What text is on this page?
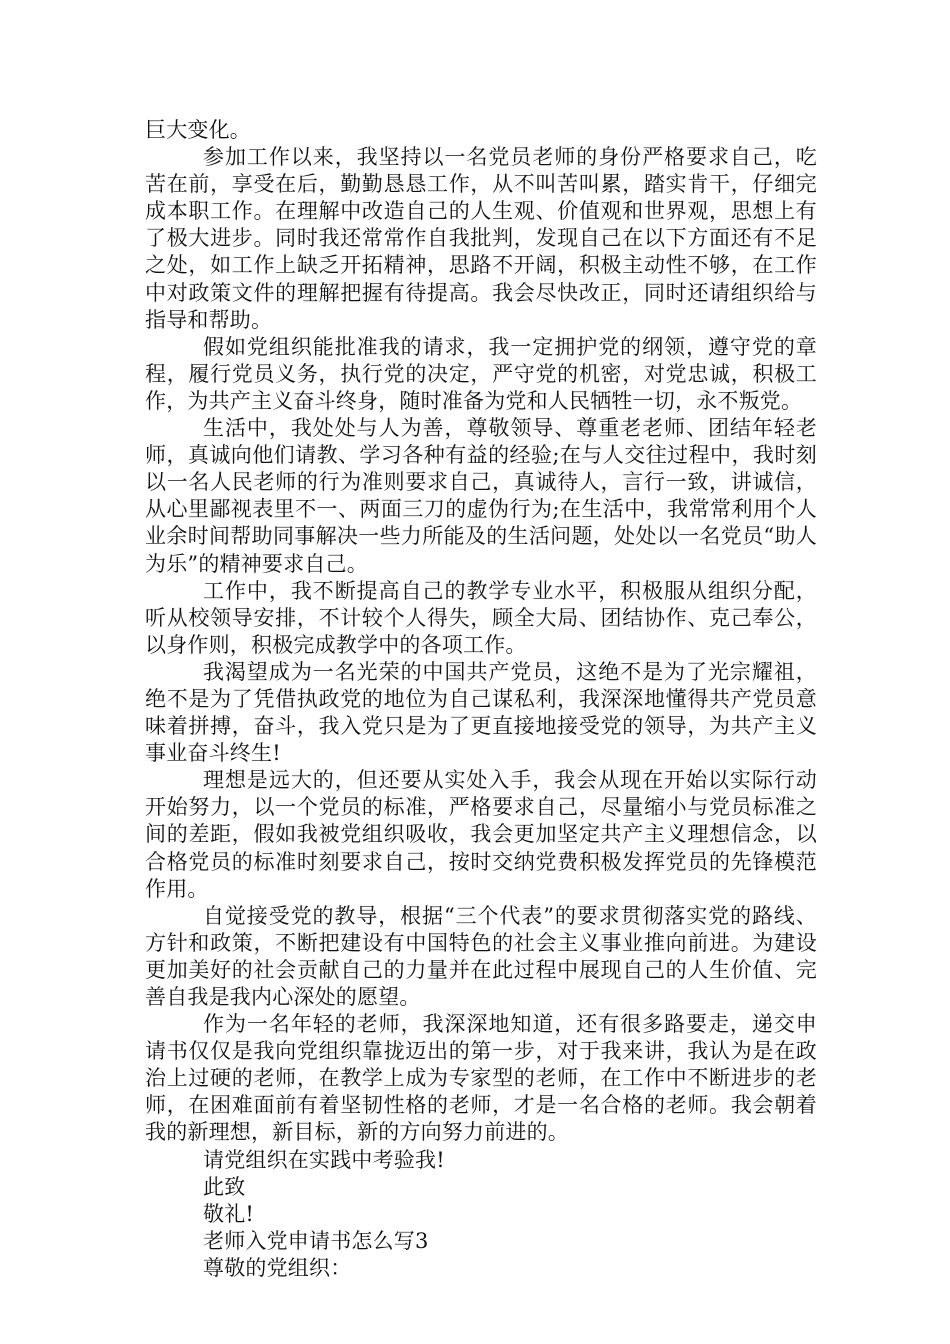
巨大变化。

参加工作以来，我坚持以一名党员老师的身份严格要求自己，吃苦在前，享受在后，勤勤恳恳工作，从不叫苦叫累，踏实肯干，仔细完成本职工作。在理解中改造自己的人生观、价值观和世界观，思想上有了极大进步。同时我还常常作自我批判，发现自己在以下方面还有不足之处，如工作上缺乏开拓精神，思路不开阔，积极主动性不够，在工作中对政策文件的理解把握有待提高。我会尽快改正，同时还请组织给与指导和帮助。

假如党组织能批准我的请求，我一定拥护党的纲领，遵守党的章程，履行党员义务，执行党的决定，严守党的机密，对党忠诚，积极工作，为共产主义奋斗终身，随时准备为党和人民牺牲一切，永不叛党。

生活中，我处处与人为善，尊敬领导、尊重老老师、团结年轻老师，真诚向他们请教、学习各种有益的经验;在与人交往过程中，我时刻以一名人民老师的行为准则要求自己，真诚待人，言行一致，讲诚信，从心里鄙视表里不一、两面三刀的虚伪行为;在生活中，我常常利用个人业余时间帮助同事解决一些力所能及的生活问题，处处以一名党员“助人为乐”的精神要求自己。

工作中，我不断提高自己的教学专业水平，积极服从组织分配，听从校领导安排，不计较个人得失，顾全大局、团结协作、克己奉公，以身作则，积极完成教学中的各项工作。

我渴望成为一名光荣的中国共产党员，这绝不是为了光宗耀祖，绝不是为了凭借执政党的地位为自己谋私利，我深深地懂得共产党员意味着拼搏，奋斗，我入党只是为了更直接地接受党的领导，为共产主义事业奋斗终生!

理想是远大的，但还要从实处入手，我会从现在开始以实际行动开始努力，以一个党员的标准，严格要求自己，尽量缩小与党员标准之间的差距，假如我被党组织吸收，我会更加坚定共产主义理想信念，以合格党员的标准时刻要求自己，按时交纳党费积极发挥党员的先锋模范作用。

自觉接受党的教导，根据“三个代表”的要求贯彻落实党的路线、方针和政策，不断把建设有中国特色的社会主义事业推向前进。为建设更加美好的社会贡献自己的力量并在此过程中展现自己的人生价值、完善自我是我内心深处的愿望。

作为一名年轻的老师，我深深地知道，还有很多路要走，递交申请书仅仅是我向党组织靠拢迈出的第一步，对于我来讲，我认为是在政治上过硬的老师，在教学上成为专家型的老师，在工作中不断进步的老师，在困难面前有着坚韧性格的老师，才是一名合格的老师。我会朝着我的新理想，新目标，新的方向努力前进的。

请党组织在实践中考验我!

此致

敬礼!

老师入党申请书怎么写3

尊敬的党组织：
